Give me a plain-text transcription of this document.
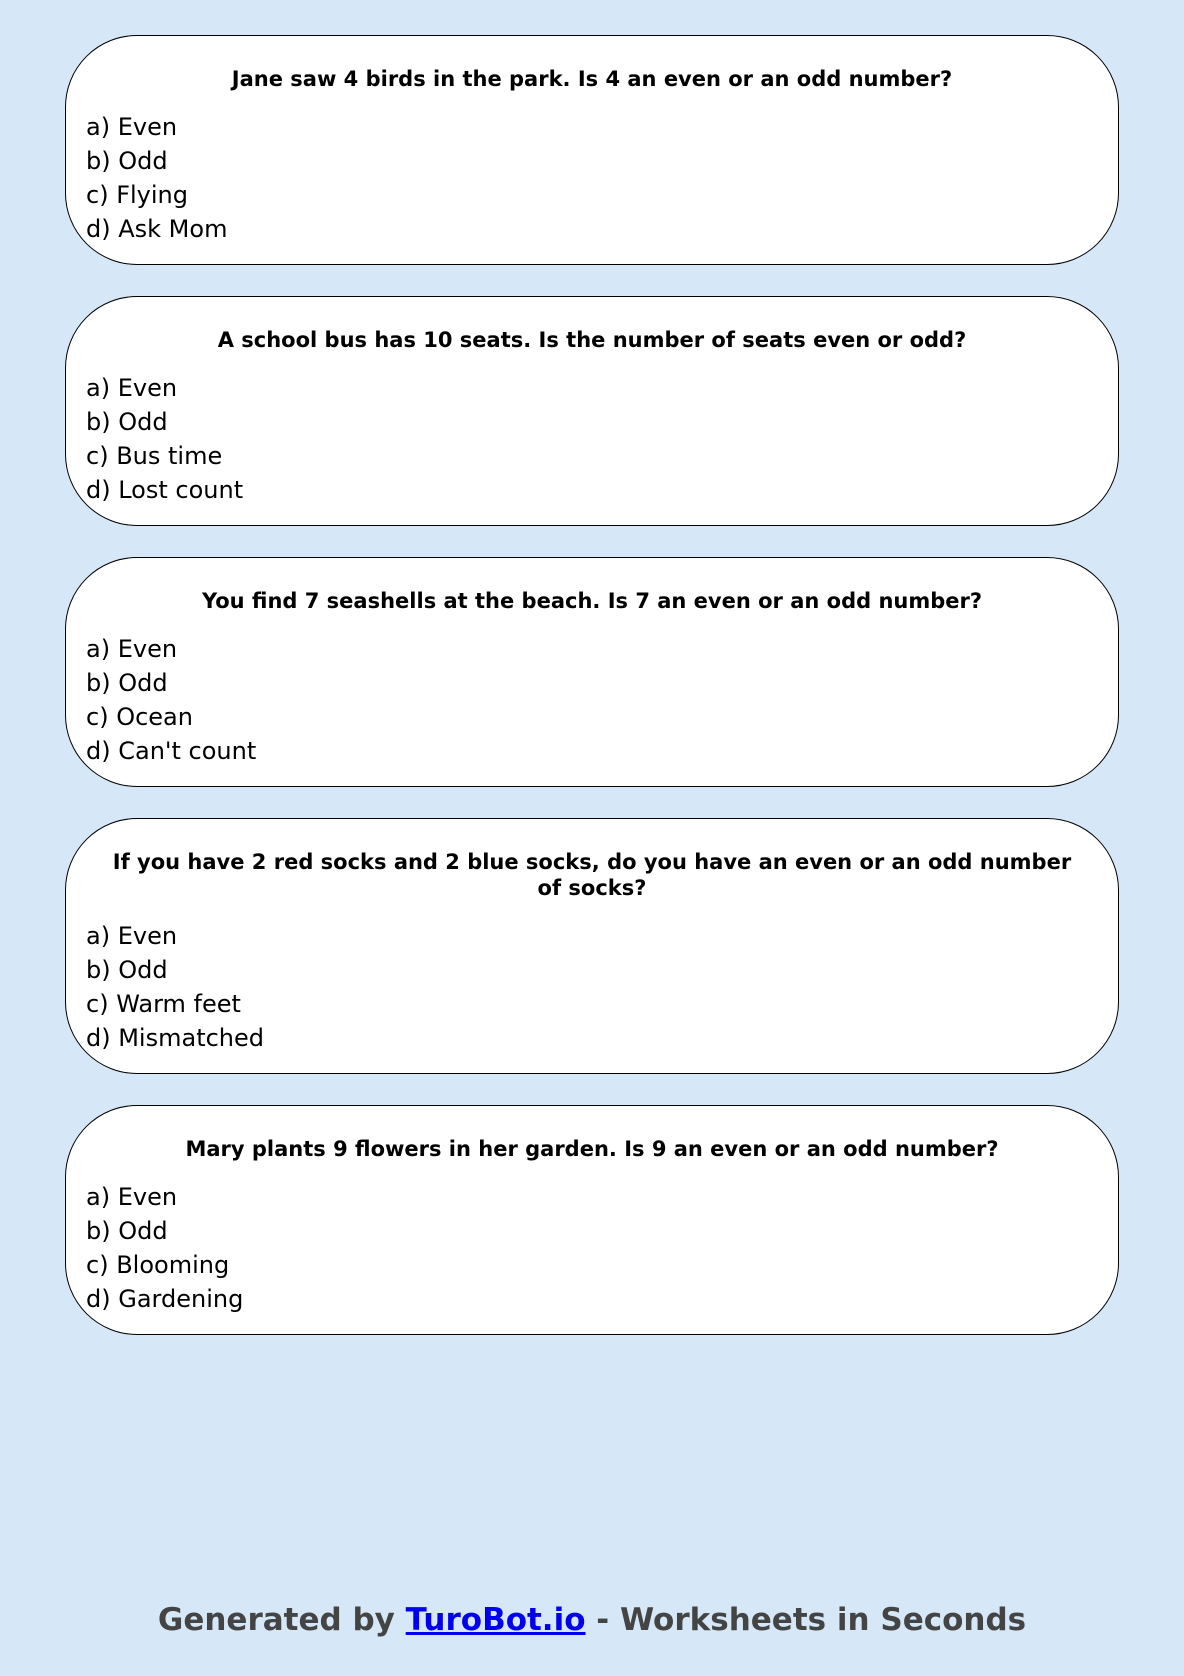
Jane saw 4 birds in the park. Is 4 an even or an odd number?
a) Even
b) Odd
c) Flying
d) Ask Mom
A school bus has 10 seats. Is the number of seats even or odd?
a) Even
b) Odd
c) Bus time
d) Lost count
You find 7 seashells at the beach. Is 7 an even or an odd number?
a) Even
b) Odd
c) Ocean
d) Can't count
If you have 2 red socks and 2 blue socks, do you have an even or an odd number of socks?
a) Even
b) Odd
c) Warm feet
d) Mismatched
Mary plants 9 flowers in her garden. Is 9 an even or an odd number?
a) Even
b) Odd
c) Blooming
d) Gardening
Generated by TuroBot.io - Worksheets in Seconds
